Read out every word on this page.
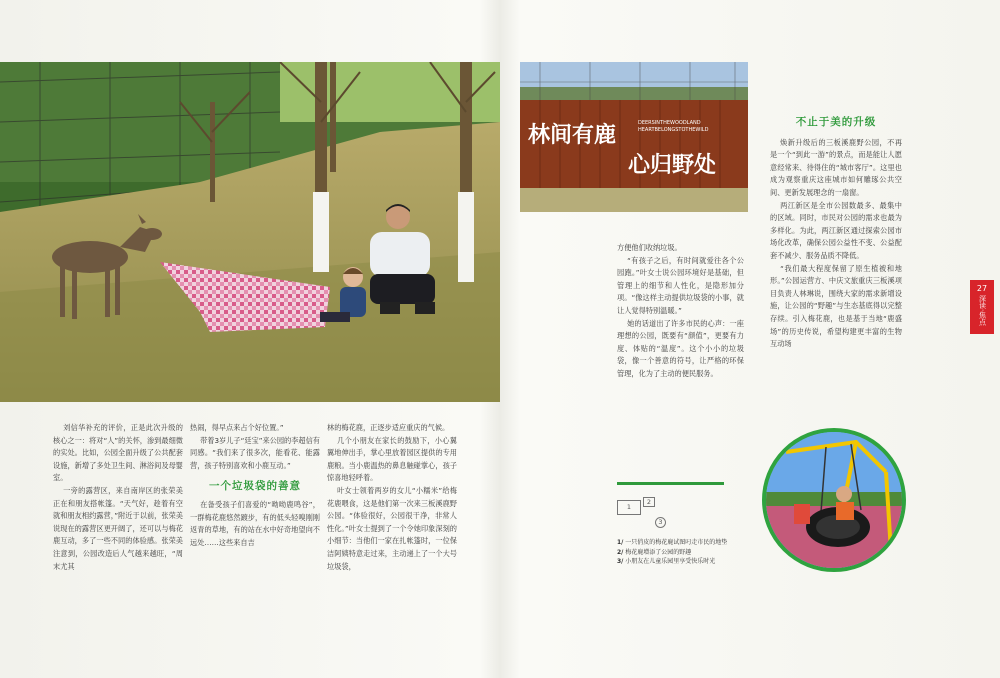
27
深读·焦点
林间有鹿
心归野处
DEERSINTHEWOODLAND
HEARTBELONGSTOTHEWILD

刘信华补充的评价，正是此次升级的核心之一：将对“人”的关怀，渗到最细微的实处。比如，公园全面升级了公共配套设施，新增了多处卫生间、淋浴间及母婴室。

一旁的露营区，来自南岸区的张荣美正在和朋友搭帐篷。“天气好，趁着有空就和朋友相约露营，”附近于以前，张荣美说现在的露营区更开阔了，还可以与梅花鹿互动，多了一些不同的体验感。张荣美注意到，公园改造后人气越来越旺，“周末尤其

热闹，得早点来占个好位置。”

带着3岁儿子“廷宝”来公园的李超信有同感。“我们来了很多次，能看花、能露营，孩子特别喜欢和小鹿互动。”

一个垃圾袋的善意

在备受孩子们喜爱的“呦呦鹿鸣谷”，一群梅花鹿悠然踱步，有的低头轻嗅刚刚返青的草地，有的站在水中好奇地望向不远处……这些来自吉

林的梅花鹿，正逐步适应重庆的气候。

几个小朋友在家长的鼓励下，小心翼翼地伸出手，掌心里放着园区提供的专用鹿粮。当小鹿温热的鼻息触碰掌心，孩子惊喜地轻呼着。

叶女士领着两岁的女儿“小糯米”给梅花鹿喂食，这是他们第一次来三板溪鹿野公园。“体验很好，公园很干净，非常人性化。”叶女士提到了一个令她印象深刻的小细节：当他们一家在扎帐篷时，一位保洁阿姨特意走过来，主动递上了一个大号垃圾袋，

方便他们收纳垃圾。

“有孩子之后，有时间就爱往各个公园跑。”叶女士说公园环境好是基础，但管理上的细节和人性化，是隐形加分项。“像这样主动提供垃圾袋的小事，就让人觉得特别温暖。”

她的话道出了许多市民的心声：一座理想的公园，既要有“颜值”，更要有力度、体贴的“温度”。这个小小的垃圾袋，像一个善意的符号，让严格的环保管理，化为了主动的便民服务。

不止于美的升级

焕新升级后的三板溪鹿野公园，不再是一个“到此一游”的景点，而是能让人愿意经常来、待得住的“城市客厅”。这里也成为观察重庆这座城市如何雕琢公共空间、更新发展理念的一扇窗。

两江新区是全市公园数最多、最集中的区域。同时，市民对公园的需求也最为多样化。为此，两江新区通过探索公园市场化改革，确保公园公益性不变、公益配套不减少、服务品质不降低。

“我们最大程度保留了原生植被和地形。”公园运营方、中庆文旅重庆三板溪项目负责人林琳说，围绕大家的需求新增设施，让公园的“野趣”与生态基底得以完整存续。引入梅花鹿，也是基于当地“鹿盛场”的历史传说，希望构建更丰富的生物互动场

1
2
3
1/ 一只俏皮的梅花鹿试图叼走市民的地垫
2/ 梅花鹿增添了公园的野趣
3/ 小朋友在儿童乐园里享受快乐时光
